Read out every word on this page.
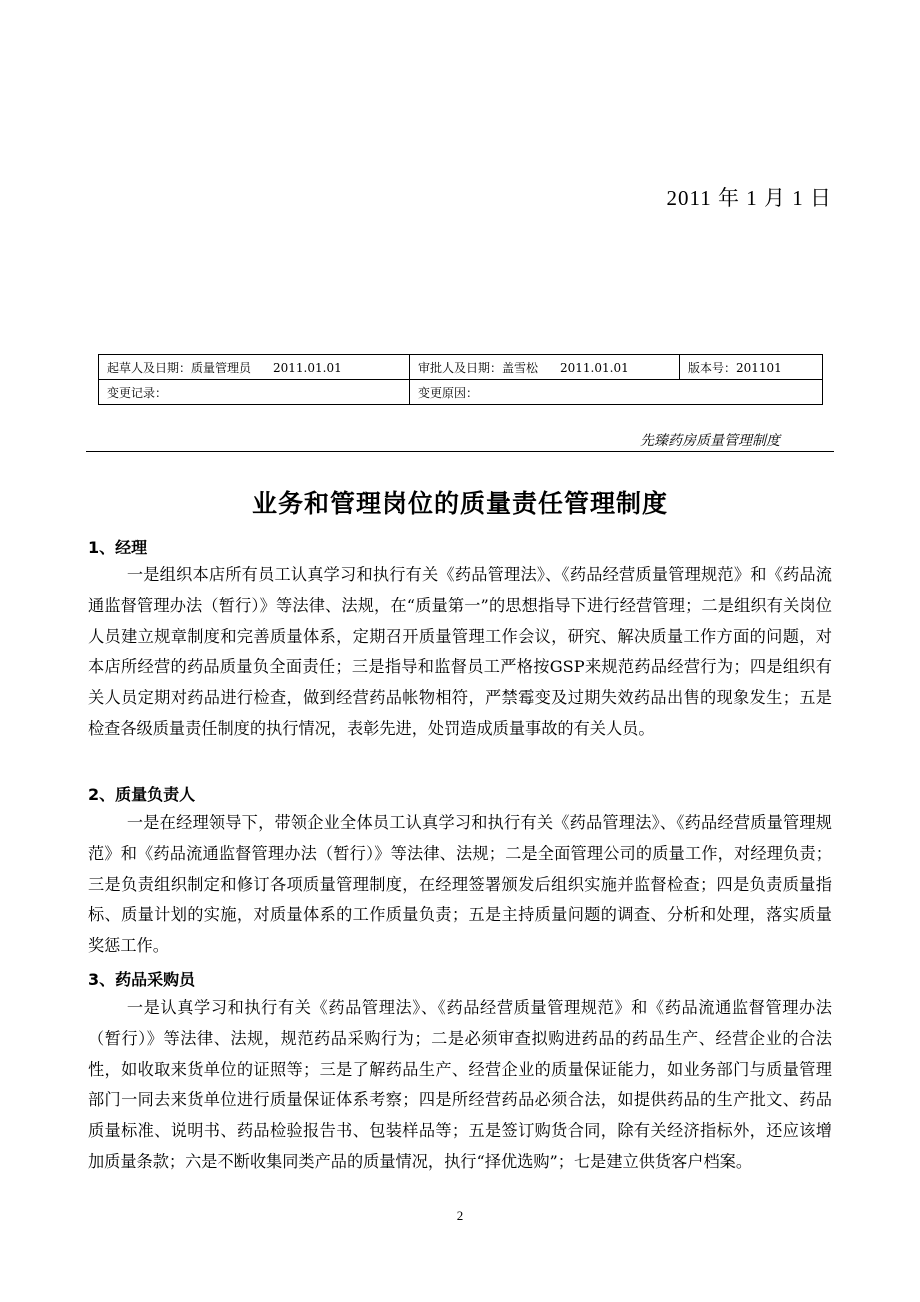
2011 年 1 月 1 日
起草人及日期：质量管理员 2011.01.01	审批人及日期：盖雪松 2011.01.01	版本号：201101
变更记录：	变更原因：	
先臻药房质量管理制度
业务和管理岗位的质量责任管理制度
1、经理

一是组织本店所有员工认真学习和执行有关《药品管理法》、《药品经营质量管理规范》和《药品流通监督管理办法（暂行）》等法律、法规，在“质量第一”的思想指导下进行经营管理；二是组织有关岗位人员建立规章制度和完善质量体系，定期召开质量管理工作会议，研究、解决质量工作方面的问题，对本店所经营的药品质量负全面责任；三是指导和监督员工严格按GSP来规范药品经营行为；四是组织有关人员定期对药品进行检查，做到经营药品帐物相符，严禁霉变及过期失效药品出售的现象发生；五是检查各级质量责任制度的执行情况，表彰先进，处罚造成质量事故的有关人员。

2、质量负责人

一是在经理领导下，带领企业全体员工认真学习和执行有关《药品管理法》、《药品经营质量管理规范》和《药品流通监督管理办法（暂行）》等法律、法规；二是全面管理公司的质量工作，对经理负责；三是负责组织制定和修订各项质量管理制度，在经理签署颁发后组织实施并监督检查；四是负责质量指标、质量计划的实施，对质量体系的工作质量负责；五是主持质量问题的调查、分析和处理，落实质量奖惩工作。

3、药品采购员

一是认真学习和执行有关《药品管理法》、《药品经营质量管理规范》和《药品流通监督管理办法（暂行）》等法律、法规，规范药品采购行为；二是必须审查拟购进药品的药品生产、经营企业的合法性，如收取来货单位的证照等；三是了解药品生产、经营企业的质量保证能力，如业务部门与质量管理部门一同去来货单位进行质量保证体系考察；四是所经营药品必须合法，如提供药品的生产批文、药品质量标准、说明书、药品检验报告书、包装样品等；五是签订购货合同，除有关经济指标外，还应该增加质量条款；六是不断收集同类产品的质量情况，执行“择优选购”；七是建立供货客户档案。

2
